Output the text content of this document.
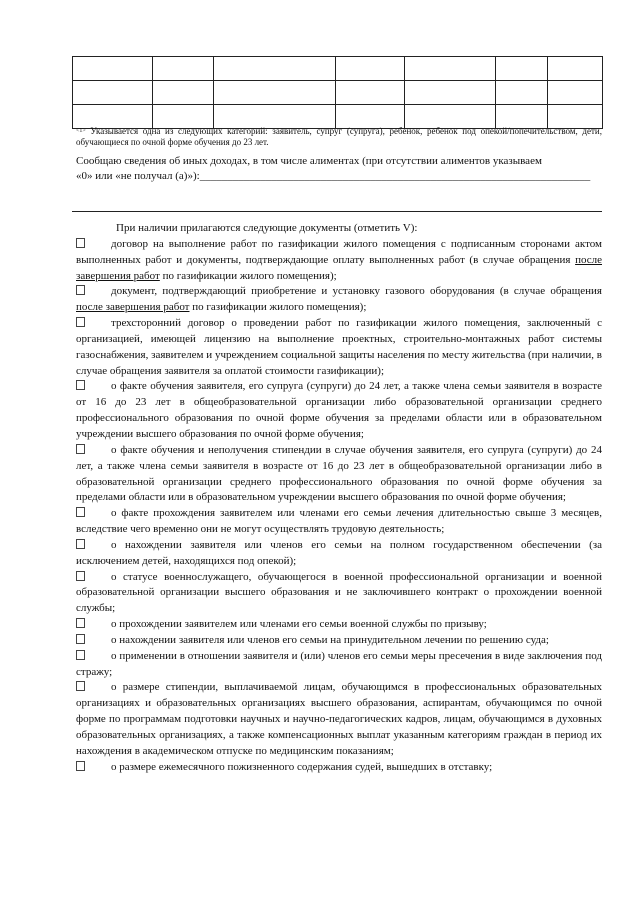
$^{<1>}$ Указывается одна из следующих категорий: заявитель, супруг (супруга), ребенок, ребенок под опекой/попечительством, дети, обучающиеся по очной форме обучения до 23 лет.
Сообщаю сведения об иных доходах, в том числе алиментах (при отсутствии алиментов указываем
«0» или «не получал (а)»):_______________________________________________________________________
При наличии прилагаются следующие документы (отметить V):
договор на выполнение работ по газификации жилого помещения с подписанным сторонами актом выполненных работ и документы, подтверждающие оплату выполненных работ (в случае обращения после завершения работ по газификации жилого помещения);
документ, подтверждающий приобретение и установку газового оборудования (в случае обращения после завершения работ по газификации жилого помещения);
трехсторонний договор о проведении работ по газификации жилого помещения, заключенный с организацией, имеющей лицензию на выполнение проектных, строительно-монтажных работ системы газоснабжения, заявителем и учреждением социальной защиты населения по месту жительства (при наличии, в случае обращения заявителя за оплатой стоимости газификации);
о факте обучения заявителя, его супруга (супруги) до 24 лет, а также члена семьи заявителя в возрасте от 16 до 23 лет в общеобразовательной организации либо образовательной организации среднего профессионального образования по очной форме обучения за пределами области или в образовательном учреждении высшего образования по очной форме обучения;
о факте обучения и неполучения стипендии в случае обучения заявителя, его супруга (супруги) до 24 лет, а также члена семьи заявителя в возрасте от 16 до 23 лет в общеобразовательной организации либо в образовательной организации среднего профессионального образования по очной форме обучения за пределами области или в образовательном учреждении высшего образования по очной форме обучения;
о факте прохождения заявителем или членами его семьи лечения длительностью свыше 3 месяцев, вследствие чего временно они не могут осуществлять трудовую деятельность;
о нахождении заявителя или членов его семьи на полном государственном обеспечении (за исключением детей, находящихся под опекой);
о статусе военнослужащего, обучающегося в военной профессиональной организации и военной образовательной организации высшего образования и не заключившего контракт о прохождении военной службы;
о прохождении заявителем или членами его семьи военной службы по призыву;
о нахождении заявителя или членов его семьи на принудительном лечении по решению суда;
о применении в отношении заявителя и (или) членов его семьи меры пресечения в виде заключения под стражу;
о размере стипендии, выплачиваемой лицам, обучающимся в профессиональных образовательных организациях и образовательных организациях высшего образования, аспирантам, обучающимся по очной форме по программам подготовки научных и научно-педагогических кадров, лицам, обучающимся в духовных образовательных организациях, а также компенсационных выплат указанным категориям граждан в период их нахождения в академическом отпуске по медицинским показаниям;
о размере ежемесячного пожизненного содержания судей, вышедших в отставку;
